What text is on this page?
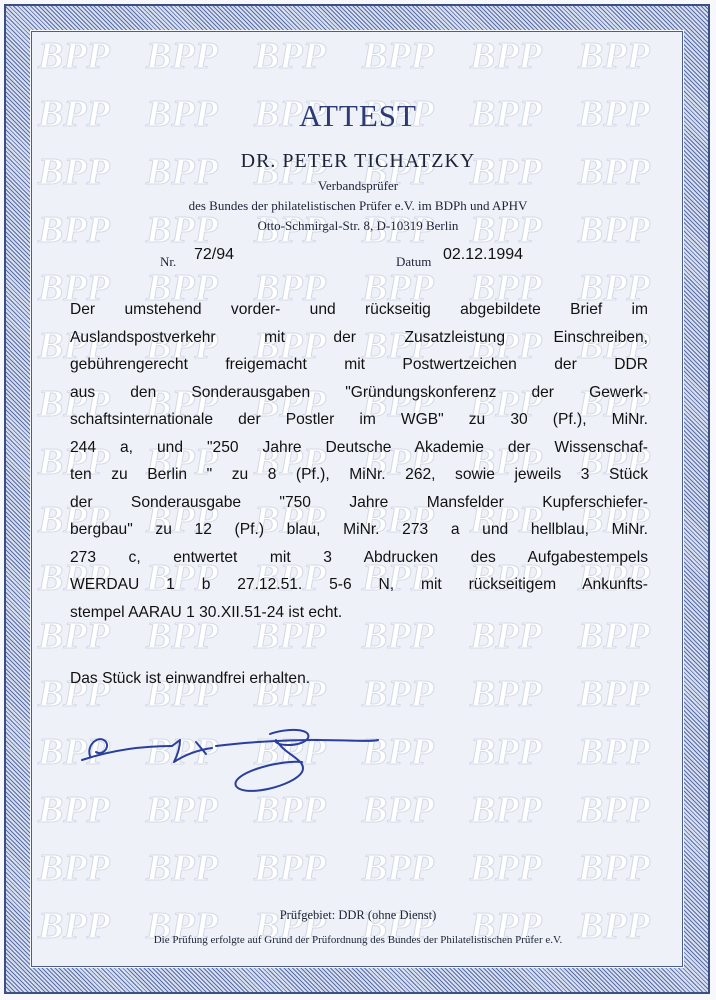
ATTEST
DR. PETER TICHATZKY
Verbandsprüfer
des Bundes der philatelistischen Prüfer e.V. im BDPh und APHV
Otto-Schmirgal-Str. 8, D-10319 Berlin
Nr. 72/94	Datum 02.12.1994
Der umstehend vorder- und rückseitig abgebildete Brief im
Auslandspostverkehr mit der Zusatzleistung Einschreiben,
gebührengerecht freigemacht mit Postwertzeichen der DDR
aus den Sonderausgaben "Gründungskonferenz der Gewerk-
schaftsinternationale der Postler im WGB" zu 30 (Pf.), MiNr.
244 a, und "250 Jahre Deutsche Akademie der Wissenschaf-
ten zu Berlin " zu 8 (Pf.), MiNr. 262, sowie jeweils 3 Stück
der Sonderausgabe "750 Jahre Mansfelder Kupferschiefer-
bergbau" zu 12 (Pf.) blau, MiNr. 273 a und hellblau, MiNr.
273 c, entwertet mit 3 Abdrucken des Aufgabestempels
WERDAU 1 b 27.12.51. 5-6 N, mit rückseitigem Ankunfts-
stempel AARAU 1 30.XII.51-24 ist echt.
Das Stück ist einwandfrei erhalten.
Prüfgebiet: DDR (ohne Dienst)
Die Prüfung erfolgte auf Grund der Prüfordnung des Bundes der Philatelistischen Prüfer e.V.
